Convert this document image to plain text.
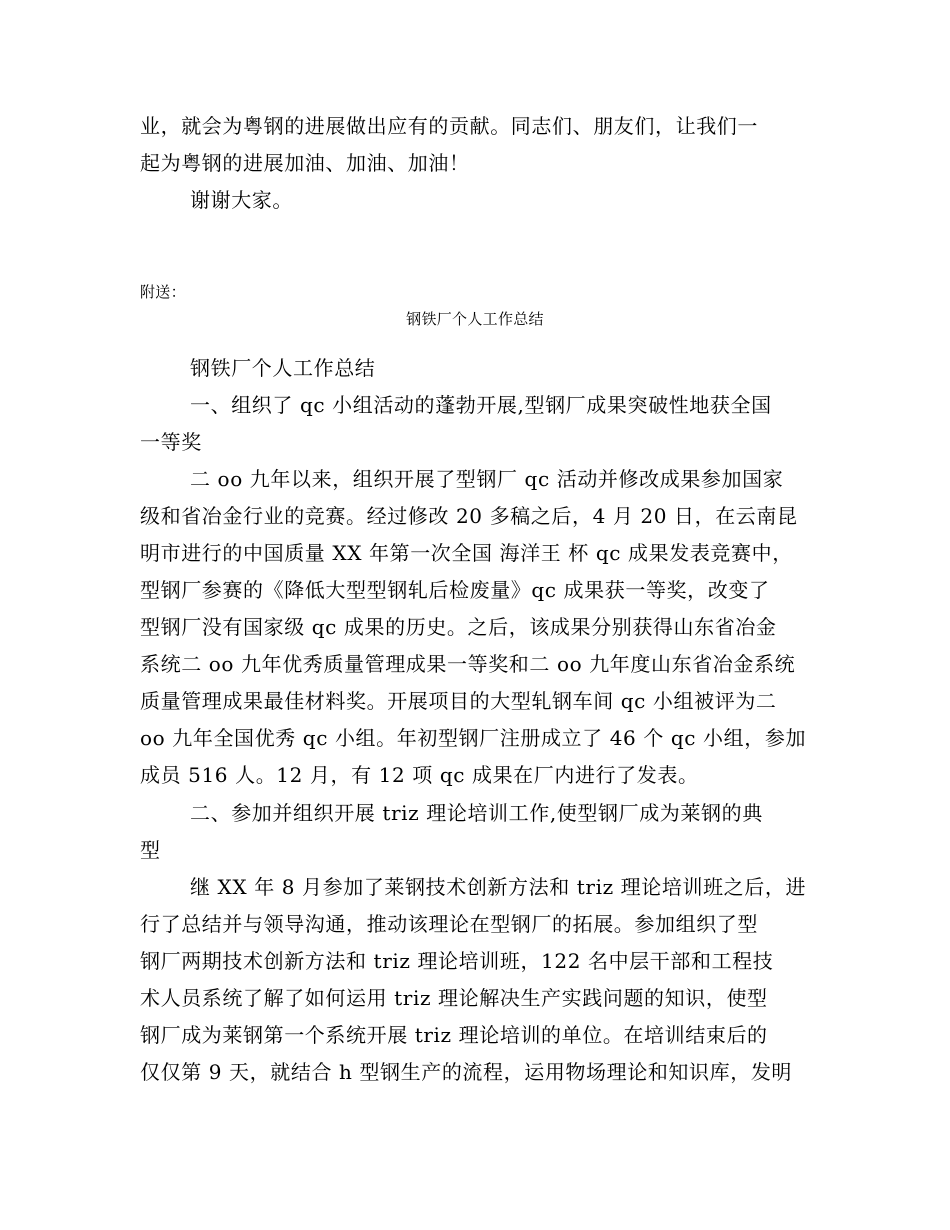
业，就会为粤钢的进展做出应有的贡献。同志们、朋友们，让我们一
起为粤钢的进展加油、加油、加油！
谢谢大家。
附送：
钢铁厂个人工作总结
钢铁厂个人工作总结
一、组织了 qc 小组活动的蓬勃开展,型钢厂成果突破性地获全国
一等奖
二 oo 九年以来，组织开展了型钢厂 qc 活动并修改成果参加国家
级和省冶金行业的竞赛。经过修改 20 多稿之后，4 月 20 日，在云南昆
明市进行的中国质量 XX 年第一次全国 海洋王 杯 qc 成果发表竞赛中，
型钢厂参赛的《降低大型型钢轧后检废量》qc 成果获一等奖，改变了
型钢厂没有国家级 qc 成果的历史。之后，该成果分别获得山东省冶金
系统二 oo 九年优秀质量管理成果一等奖和二 oo 九年度山东省冶金系统
质量管理成果最佳材料奖。开展项目的大型轧钢车间 qc 小组被评为二
oo 九年全国优秀 qc 小组。年初型钢厂注册成立了 46 个 qc 小组，参加
成员 516 人。12 月，有 12 项 qc 成果在厂内进行了发表。
二、参加并组织开展 triz 理论培训工作,使型钢厂成为莱钢的典
型
继 XX 年 8 月参加了莱钢技术创新方法和 triz 理论培训班之后，进
行了总结并与领导沟通，推动该理论在型钢厂的拓展。参加组织了型
钢厂两期技术创新方法和 triz 理论培训班，122 名中层干部和工程技
术人员系统了解了如何运用 triz 理论解决生产实践问题的知识，使型
钢厂成为莱钢第一个系统开展 triz 理论培训的单位。在培训结束后的
仅仅第 9 天，就结合 h 型钢生产的流程，运用物场理论和知识库，发明
